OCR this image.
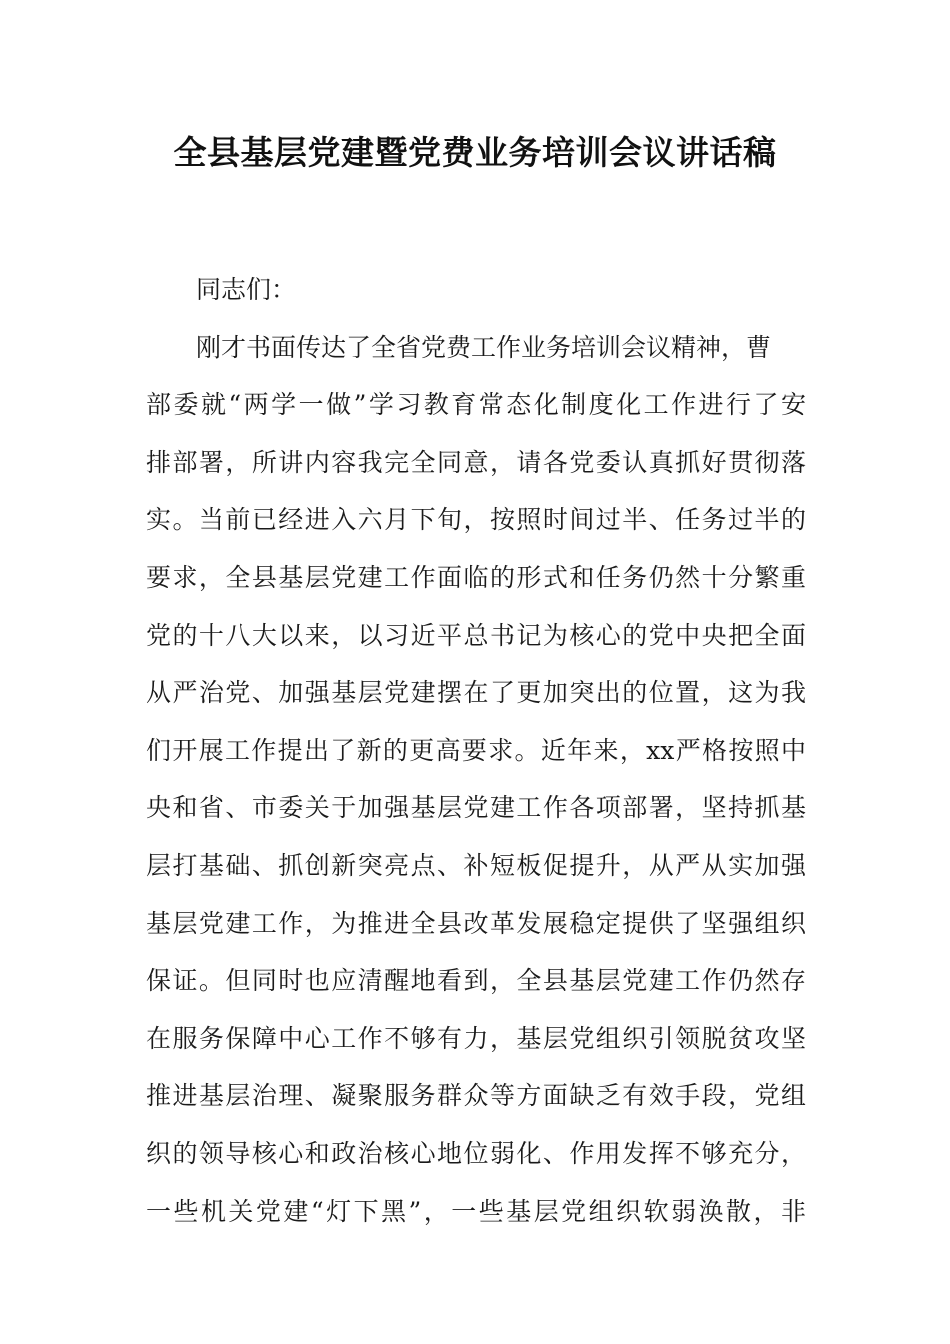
全县基层党建暨党费业务培训会议讲话稿
同志们：
刚才书面传达了全省党费工作业务培训会议精神，曹
部委就“两学一做”学习教育常态化制度化工作进行了安
排部署，所讲内容我完全同意，请各党委认真抓好贯彻落
实。当前已经进入六月下旬，按照时间过半、任务过半的
要求，全县基层党建工作面临的形式和任务仍然十分繁重
党的十八大以来，以习近平总书记为核心的党中央把全面
从严治党、加强基层党建摆在了更加突出的位置，这为我
们开展工作提出了新的更高要求。近年来，xx严格按照中
央和省、市委关于加强基层党建工作各项部署，坚持抓基
层打基础、抓创新突亮点、补短板促提升，从严从实加强
基层党建工作，为推进全县改革发展稳定提供了坚强组织
保证。但同时也应清醒地看到，全县基层党建工作仍然存
在服务保障中心工作不够有力，基层党组织引领脱贫攻坚
推进基层治理、凝聚服务群众等方面缺乏有效手段，党组
织的领导核心和政治核心地位弱化、作用发挥不够充分，
一些机关党建“灯下黑”，一些基层党组织软弱涣散，非
